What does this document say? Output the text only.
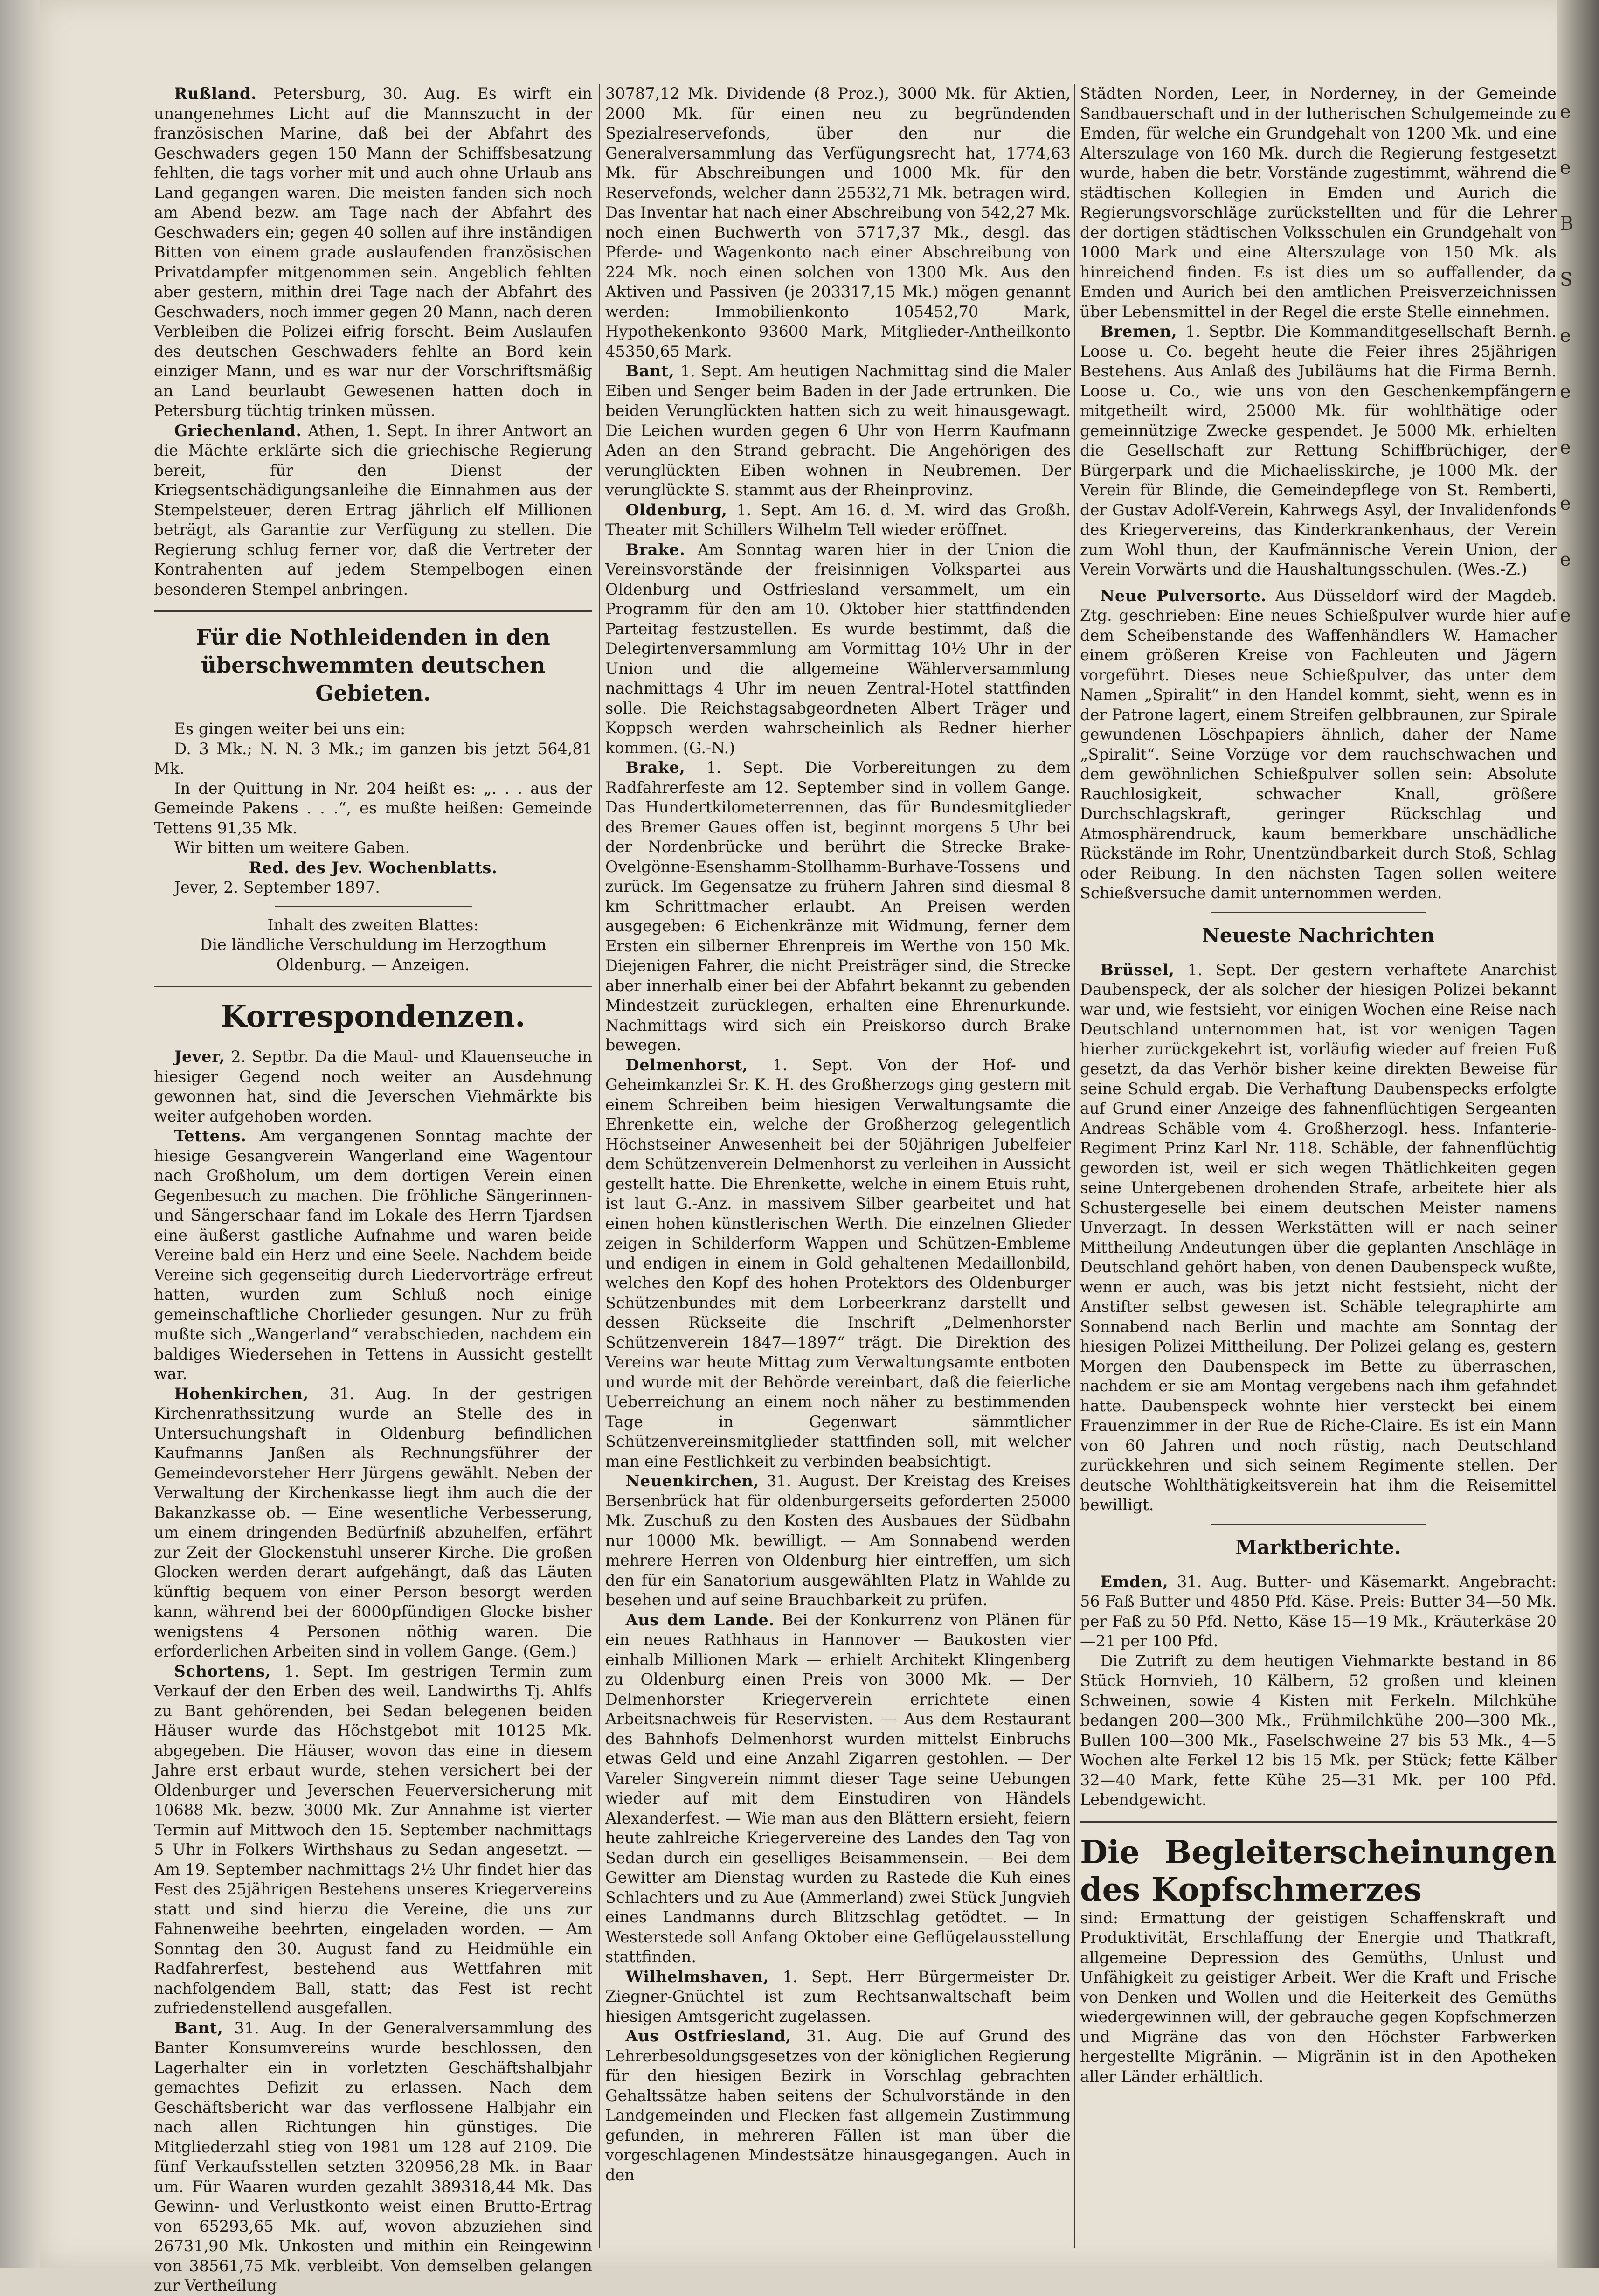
Rußland. Petersburg, 30. Aug. Es wirft ein unangenehmes Licht auf die Mannszucht in der französischen Marine, daß bei der Abfahrt des Geschwaders gegen 150 Mann der Schiffsbesatzung fehlten, die tags vorher mit und auch ohne Urlaub ans Land gegangen waren. Die meisten fanden sich noch am Abend bezw. am Tage nach der Abfahrt des Geschwaders ein; gegen 40 sollen auf ihre inständigen Bitten von einem grade auslaufenden französischen Privatdampfer mitgenommen sein. Angeblich fehlten aber gestern, mithin drei Tage nach der Abfahrt des Geschwaders, noch immer gegen 20 Mann, nach deren Verbleiben die Polizei eifrig forscht. Beim Auslaufen des deutschen Geschwaders fehlte an Bord kein einziger Mann, und es war nur der Vorschriftsmäßig an Land beurlaubt Gewesenen hatten doch in Petersburg tüchtig trinken müssen.

Griechenland. Athen, 1. Sept. In ihrer Antwort an die Mächte erklärte sich die griechische Regierung bereit, für den Dienst der Kriegsentschädigungsanleihe die Einnahmen aus der Stempelsteuer, deren Ertrag jährlich elf Millionen beträgt, als Garantie zur Verfügung zu stellen. Die Regierung schlug ferner vor, daß die Vertreter der Kontrahenten auf jedem Stempelbogen einen besonderen Stempel anbringen.

Für die Nothleidenden in den überschwemmten deutschen Gebieten.

Es gingen weiter bei uns ein:

D. 3 Mk.; N. N. 3 Mk.; im ganzen bis jetzt 564,81 Mk.

In der Quittung in Nr. 204 heißt es: „. . . aus der Gemeinde Pakens . . .“, es mußte heißen: Gemeinde Tettens 91,35 Mk.

Wir bitten um weitere Gaben.

Red. des Jev. Wochenblatts.

Jever, 2. September 1897.

Inhalt des zweiten Blattes:

Die ländliche Verschuldung im Herzogthum Oldenburg. — Anzeigen.

Korrespondenzen.

Jever, 2. Septbr. Da die Maul- und Klauenseuche in hiesiger Gegend noch weiter an Ausdehnung gewonnen hat, sind die Jeverschen Viehmärkte bis weiter aufgehoben worden.

Tettens. Am vergangenen Sonntag machte der hiesige Gesangverein Wangerland eine Wagentour nach Großholum, um dem dortigen Verein einen Gegenbesuch zu machen. Die fröhliche Sängerinnen- und Sängerschaar fand im Lokale des Herrn Tjardsen eine äußerst gastliche Aufnahme und waren beide Vereine bald ein Herz und eine Seele. Nachdem beide Vereine sich gegenseitig durch Liedervorträge erfreut hatten, wurden zum Schluß noch einige gemeinschaftliche Chorlieder gesungen. Nur zu früh mußte sich „Wangerland“ verabschieden, nachdem ein baldiges Wiedersehen in Tettens in Aussicht gestellt war.

Hohenkirchen, 31. Aug. In der gestrigen Kirchenrathssitzung wurde an Stelle des in Untersuchungshaft in Oldenburg befindlichen Kaufmanns Janßen als Rechnungsführer der Gemeindevorsteher Herr Jürgens gewählt. Neben der Verwaltung der Kirchenkasse liegt ihm auch die der Bakanzkasse ob. — Eine wesentliche Verbesserung, um einem dringenden Bedürfniß abzuhelfen, erfährt zur Zeit der Glockenstuhl unserer Kirche. Die großen Glocken werden derart aufgehängt, daß das Läuten künftig bequem von einer Person besorgt werden kann, während bei der 6000pfündigen Glocke bisher wenigstens 4 Personen nöthig waren. Die erforderlichen Arbeiten sind in vollem Gange. (Gem.)

Schortens, 1. Sept. Im gestrigen Termin zum Verkauf der den Erben des weil. Landwirths Tj. Ahlfs zu Bant gehörenden, bei Sedan belegenen beiden Häuser wurde das Höchstgebot mit 10125 Mk. abgegeben. Die Häuser, wovon das eine in diesem Jahre erst erbaut wurde, stehen versichert bei der Oldenburger und Jeverschen Feuerversicherung mit 10688 Mk. bezw. 3000 Mk. Zur Annahme ist vierter Termin auf Mittwoch den 15. September nachmittags 5 Uhr in Folkers Wirthshaus zu Sedan angesetzt. — Am 19. September nachmittags 2½ Uhr findet hier das Fest des 25jährigen Bestehens unseres Kriegervereins statt und sind hierzu die Vereine, die uns zur Fahnenweihe beehrten, eingeladen worden. — Am Sonntag den 30. August fand zu Heidmühle ein Radfahrerfest, bestehend aus Wettfahren mit nachfolgendem Ball, statt; das Fest ist recht zufriedenstellend ausgefallen.

Bant, 31. Aug. In der Generalversammlung des Banter Konsumvereins wurde beschlossen, den Lagerhalter ein in vorletzten Geschäftshalbjahr gemachtes Defizit zu erlassen. Nach dem Geschäftsbericht war das verflossene Halbjahr ein nach allen Richtungen hin günstiges. Die Mitgliederzahl stieg von 1981 um 128 auf 2109. Die fünf Verkaufsstellen setzten 320956,28 Mk. in Baar um. Für Waaren wurden gezahlt 389318,44 Mk. Das Gewinn- und Verlustkonto weist einen Brutto-Ertrag von 65293,65 Mk. auf, wovon abzuziehen sind 26731,90 Mk. Unkosten und mithin ein Reingewinn von 38561,75 Mk. verbleibt. Von demselben gelangen zur Vertheilung

30787,12 Mk. Dividende (8 Proz.), 3000 Mk. für Aktien, 2000 Mk. für einen neu zu begründenden Spezialreservefonds, über den nur die Generalversammlung das Verfügungsrecht hat, 1774,63 Mk. für Abschreibungen und 1000 Mk. für den Reservefonds, welcher dann 25532,71 Mk. betragen wird. Das Inventar hat nach einer Abschreibung von 542,27 Mk. noch einen Buchwerth von 5717,37 Mk., desgl. das Pferde- und Wagenkonto nach einer Abschreibung von 224 Mk. noch einen solchen von 1300 Mk. Aus den Aktiven und Passiven (je 203317,15 Mk.) mögen genannt werden: Immobilienkonto 105452,70 Mark, Hypothekenkonto 93600 Mark, Mitglieder-Antheilkonto 45350,65 Mark.

Bant, 1. Sept. Am heutigen Nachmittag sind die Maler Eiben und Senger beim Baden in der Jade ertrunken. Die beiden Verunglückten hatten sich zu weit hinausgewagt. Die Leichen wurden gegen 6 Uhr von Herrn Kaufmann Aden an den Strand gebracht. Die Angehörigen des verunglückten Eiben wohnen in Neubremen. Der verunglückte S. stammt aus der Rheinprovinz.

Oldenburg, 1. Sept. Am 16. d. M. wird das Großh. Theater mit Schillers Wilhelm Tell wieder eröffnet.

Brake. Am Sonntag waren hier in der Union die Vereinsvorstände der freisinnigen Volkspartei aus Oldenburg und Ostfriesland versammelt, um ein Programm für den am 10. Oktober hier stattfindenden Parteitag festzustellen. Es wurde bestimmt, daß die Delegirtenversammlung am Vormittag 10½ Uhr in der Union und die allgemeine Wählerversammlung nachmittags 4 Uhr im neuen Zentral-Hotel stattfinden solle. Die Reichstagsabgeordneten Albert Träger und Koppsch werden wahrscheinlich als Redner hierher kommen. (G.-N.)

Brake, 1. Sept. Die Vorbereitungen zu dem Radfahrerfeste am 12. September sind in vollem Gange. Das Hundertkilometerrennen, das für Bundesmitglieder des Bremer Gaues offen ist, beginnt morgens 5 Uhr bei der Nordenbrücke und berührt die Strecke Brake-Ovelgönne-Esenshamm-Stollhamm-Burhave-Tossens und zurück. Im Gegensatze zu frühern Jahren sind diesmal 8 km Schrittmacher erlaubt. An Preisen werden ausgegeben: 6 Eichenkränze mit Widmung, ferner dem Ersten ein silberner Ehrenpreis im Werthe von 150 Mk. Diejenigen Fahrer, die nicht Preisträger sind, die Strecke aber innerhalb einer bei der Abfahrt bekannt zu gebenden Mindestzeit zurücklegen, erhalten eine Ehrenurkunde. Nachmittags wird sich ein Preiskorso durch Brake bewegen.

Delmenhorst, 1. Sept. Von der Hof- und Geheimkanzlei Sr. K. H. des Großherzogs ging gestern mit einem Schreiben beim hiesigen Verwaltungsamte die Ehrenkette ein, welche der Großherzog gelegentlich Höchstseiner Anwesenheit bei der 50jährigen Jubelfeier dem Schützenverein Delmenhorst zu verleihen in Aussicht gestellt hatte. Die Ehrenkette, welche in einem Etuis ruht, ist laut G.-Anz. in massivem Silber gearbeitet und hat einen hohen künstlerischen Werth. Die einzelnen Glieder zeigen in Schilderform Wappen und Schützen-Embleme und endigen in einem in Gold gehaltenen Medaillonbild, welches den Kopf des hohen Protektors des Oldenburger Schützenbundes mit dem Lorbeerkranz darstellt und dessen Rückseite die Inschrift „Delmenhorster Schützenverein 1847—1897“ trägt. Die Direktion des Vereins war heute Mittag zum Verwaltungsamte entboten und wurde mit der Behörde vereinbart, daß die feierliche Ueberreichung an einem noch näher zu bestimmenden Tage in Gegenwart sämmtlicher Schützenvereinsmitglieder stattfinden soll, mit welcher man eine Festlichkeit zu verbinden beabsichtigt.

Neuenkirchen, 31. August. Der Kreistag des Kreises Bersenbrück hat für oldenburgerseits geforderten 25000 Mk. Zuschuß zu den Kosten des Ausbaues der Südbahn nur 10000 Mk. bewilligt. — Am Sonnabend werden mehrere Herren von Oldenburg hier eintreffen, um sich den für ein Sanatorium ausgewählten Platz in Wahlde zu besehen und auf seine Brauchbarkeit zu prüfen.

Aus dem Lande. Bei der Konkurrenz von Plänen für ein neues Rathhaus in Hannover — Baukosten vier einhalb Millionen Mark — erhielt Architekt Klingenberg zu Oldenburg einen Preis von 3000 Mk. — Der Delmenhorster Kriegerverein errichtete einen Arbeitsnachweis für Reservisten. — Aus dem Restaurant des Bahnhofs Delmenhorst wurden mittelst Einbruchs etwas Geld und eine Anzahl Zigarren gestohlen. — Der Vareler Singverein nimmt dieser Tage seine Uebungen wieder auf mit dem Einstudiren von Händels Alexanderfest. — Wie man aus den Blättern ersieht, feiern heute zahlreiche Kriegervereine des Landes den Tag von Sedan durch ein geselliges Beisammensein. — Bei dem Gewitter am Dienstag wurden zu Rastede die Kuh eines Schlachters und zu Aue (Ammerland) zwei Stück Jungvieh eines Landmanns durch Blitzschlag getödtet. — In Westerstede soll Anfang Oktober eine Geflügelausstellung stattfinden.

Wilhelmshaven, 1. Sept. Herr Bürgermeister Dr. Ziegner-Gnüchtel ist zum Rechtsanwaltschaft beim hiesigen Amtsgericht zugelassen.

Aus Ostfriesland, 31. Aug. Die auf Grund des Lehrerbesoldungsgesetzes von der königlichen Regierung für den hiesigen Bezirk in Vorschlag gebrachten Gehaltssätze haben seitens der Schulvorstände in den Landgemeinden und Flecken fast allgemein Zustimmung gefunden, in mehreren Fällen ist man über die vorgeschlagenen Mindestsätze hinausgegangen. Auch in den

Städten Norden, Leer, in Norderney, in der Gemeinde Sandbauerschaft und in der lutherischen Schulgemeinde zu Emden, für welche ein Grundgehalt von 1200 Mk. und eine Alterszulage von 160 Mk. durch die Regierung festgesetzt wurde, haben die betr. Vorstände zugestimmt, während die städtischen Kollegien in Emden und Aurich die Regierungsvorschläge zurückstellten und für die Lehrer der dortigen städtischen Volksschulen ein Grundgehalt von 1000 Mark und eine Alterszulage von 150 Mk. als hinreichend finden. Es ist dies um so auffallender, da Emden und Aurich bei den amtlichen Preisverzeichnissen über Lebensmittel in der Regel die erste Stelle einnehmen.

Bremen, 1. Septbr. Die Kommanditgesellschaft Bernh. Loose u. Co. begeht heute die Feier ihres 25jährigen Bestehens. Aus Anlaß des Jubiläums hat die Firma Bernh. Loose u. Co., wie uns von den Geschenkempfängern mitgetheilt wird, 25000 Mk. für wohlthätige oder gemeinnützige Zwecke gespendet. Je 5000 Mk. erhielten die Gesellschaft zur Rettung Schiffbrüchiger, der Bürgerpark und die Michaelisskirche, je 1000 Mk. der Verein für Blinde, die Gemeindepflege von St. Remberti, der Gustav Adolf-Verein, Kahrwegs Asyl, der Invalidenfonds des Kriegervereins, das Kinderkrankenhaus, der Verein zum Wohl thun, der Kaufmännische Verein Union, der Verein Vorwärts und die Haushaltungsschulen. (Wes.-Z.)

Neue Pulversorte. Aus Düsseldorf wird der Magdeb. Ztg. geschrieben: Eine neues Schießpulver wurde hier auf dem Scheibenstande des Waffenhändlers W. Hamacher einem größeren Kreise von Fachleuten und Jägern vorgeführt. Dieses neue Schießpulver, das unter dem Namen „Spiralit“ in den Handel kommt, sieht, wenn es in der Patrone lagert, einem Streifen gelbbraunen, zur Spirale gewundenen Löschpapiers ähnlich, daher der Name „Spiralit“. Seine Vorzüge vor dem rauchschwachen und dem gewöhnlichen Schießpulver sollen sein: Absolute Rauchlosigkeit, schwacher Knall, größere Durchschlagskraft, geringer Rückschlag und Atmosphärendruck, kaum bemerkbare unschädliche Rückstände im Rohr, Unentzündbarkeit durch Stoß, Schlag oder Reibung. In den nächsten Tagen sollen weitere Schießversuche damit unternommen werden.

Neueste Nachrichten

Brüssel, 1. Sept. Der gestern verhaftete Anarchist Daubenspeck, der als solcher der hiesigen Polizei bekannt war und, wie festsieht, vor einigen Wochen eine Reise nach Deutschland unternommen hat, ist vor wenigen Tagen hierher zurückgekehrt ist, vorläufig wieder auf freien Fuß gesetzt, da das Verhör bisher keine direkten Beweise für seine Schuld ergab. Die Verhaftung Daubenspecks erfolgte auf Grund einer Anzeige des fahnenflüchtigen Sergeanten Andreas Schäble vom 4. Großherzogl. hess. Infanterie-Regiment Prinz Karl Nr. 118. Schäble, der fahnenflüchtig geworden ist, weil er sich wegen Thätlichkeiten gegen seine Untergebenen drohenden Strafe, arbeitete hier als Schustergeselle bei einem deutschen Meister namens Unverzagt. In dessen Werkstätten will er nach seiner Mittheilung Andeutungen über die geplanten Anschläge in Deutschland gehört haben, von denen Daubenspeck wußte, wenn er auch, was bis jetzt nicht festsieht, nicht der Anstifter selbst gewesen ist. Schäble telegraphirte am Sonnabend nach Berlin und machte am Sonntag der hiesigen Polizei Mittheilung. Der Polizei gelang es, gestern Morgen den Daubenspeck im Bette zu überraschen, nachdem er sie am Montag vergebens nach ihm gefahndet hatte. Daubenspeck wohnte hier versteckt bei einem Frauenzimmer in der Rue de Riche-Claire. Es ist ein Mann von 60 Jahren und noch rüstig, nach Deutschland zurückkehren und sich seinem Regimente stellen. Der deutsche Wohlthätigkeitsverein hat ihm die Reisemittel bewilligt.

Marktberichte.

Emden, 31. Aug. Butter- und Käsemarkt. Angebracht: 56 Faß Butter und 4850 Pfd. Käse. Preis: Butter 34—50 Mk. per Faß zu 50 Pfd. Netto, Käse 15—19 Mk., Kräuterkäse 20—21 per 100 Pfd.

Die Zutrift zu dem heutigen Viehmarkte bestand in 86 Stück Hornvieh, 10 Kälbern, 52 großen und kleinen Schweinen, sowie 4 Kisten mit Ferkeln. Milchkühe bedangen 200—300 Mk., Frühmilchkühe 200—300 Mk., Bullen 100—300 Mk., Faselschweine 27 bis 53 Mk., 4—5 Wochen alte Ferkel 12 bis 15 Mk. per Stück; fette Kälber 32—40 Mark, fette Kühe 25—31 Mk. per 100 Pfd. Lebendgewicht.

Die Begleiterscheinungen des Kopfschmerzes

sind: Ermattung der geistigen Schaffenskraft und Produktivität, Erschlaffung der Energie und Thatkraft, allgemeine Depression des Gemüths, Unlust und Unfähigkeit zu geistiger Arbeit. Wer die Kraft und Frische von Denken und Wollen und die Heiterkeit des Gemüths wiedergewinnen will, der gebrauche gegen Kopfschmerzen und Migräne das von den Höchster Farbwerken hergestellte Migränin. — Migränin ist in den Apotheken aller Länder erhältlich.

e e B S e e e e e e
